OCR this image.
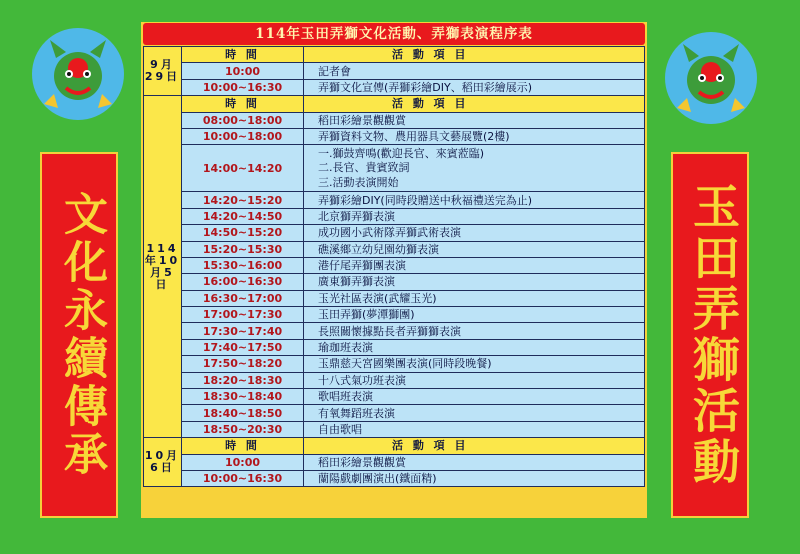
114年玉田弄獅文化活動、弄獅表演程序表
9月29日	時 間	活 動 項 目
	10:00	記者會
	10:00~16:30	弄獅文化宣傳(弄獅彩繪DIY、稻田彩繪展示)
114年10月5日	時 間	活 動 項 目
	08:00~18:00	稻田彩繪景觀觀賞
	10:00~18:00	弄獅資料文物、農用器具文藝展覽(2樓)
	14:00~14:20	一.獅鼓齊鳴(歡迎長官、來賓蒞臨)
二.長官、貴賓致詞
三.活動表演開始
	14:20~15:20	弄獅彩繪DIY(同時段贈送中秋福禮送完為止)
	14:20~14:50	北京獅弄獅表演
	14:50~15:20	成功國小武術隊弄獅武術表演
	15:20~15:30	礁溪鄉立幼兒園幼獅表演
	15:30~16:00	港仔尾弄獅團表演
	16:00~16:30	廣東獅弄獅表演
	16:30~17:00	玉光社區表演(武耀玉光)
	17:00~17:30	玉田弄獅(夢潭獅團)
	17:30~17:40	長照關懷據點長者弄獅獅表演
	17:40~17:50	瑜珈班表演
	17:50~18:20	玉鼎慈天宮國樂團表演(同時段晚餐)
	18:20~18:30	十八式氣功班表演
	18:30~18:40	歌唱班表演
	18:40~18:50	有氧舞蹈班表演
	18:50~20:30	自由歌唱
10月6日	時 間	活 動 項 目
	10:00	稻田彩繪景觀觀賞
	10:00~16:30	蘭陽戲劇團演出(鐵面精)
文化永續傳承	玉田弄獅活動
